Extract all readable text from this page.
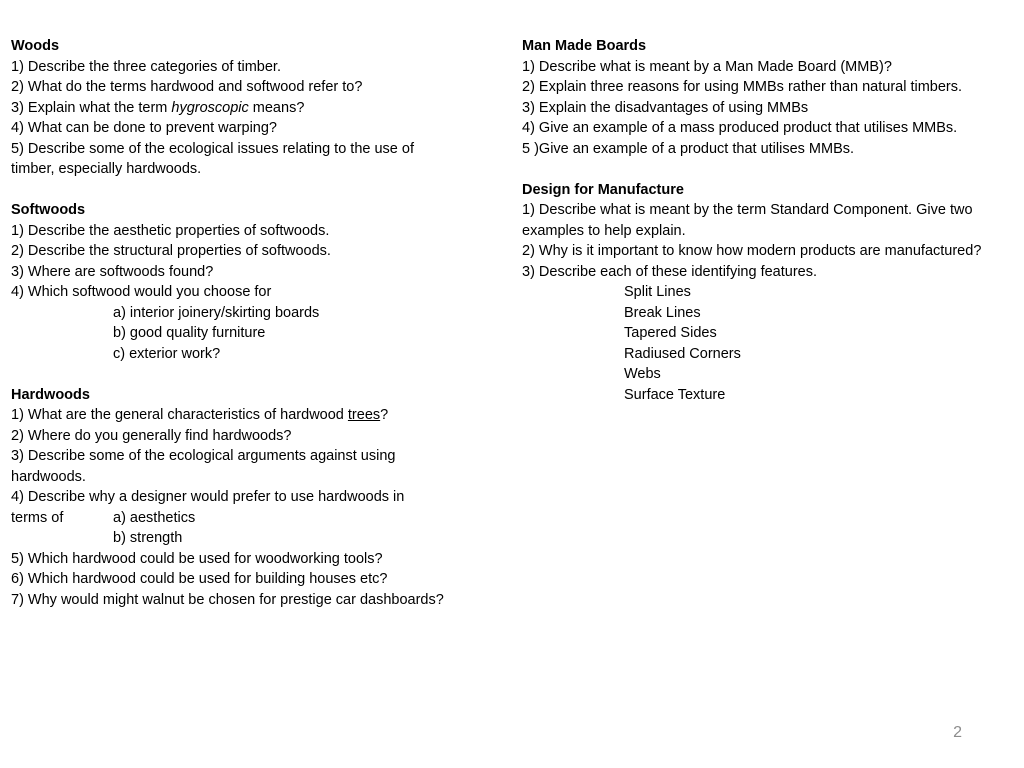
Woods
1) Describe the three categories of timber.
2) What do the terms hardwood and softwood refer to?
3) Explain what the term hygroscopic means?
4) What can be done to prevent warping?
5) Describe some of the ecological issues relating to the use of timber, especially hardwoods.
Softwoods
1) Describe the aesthetic properties of softwoods.
2) Describe the structural properties of softwoods.
3) Where are softwoods found?
4) Which softwood would you choose for
a) interior joinery/skirting boards
b) good quality furniture
c) exterior work?
Hardwoods
1) What are the general characteristics of hardwood trees?
2) Where do you generally find hardwoods?
3) Describe some of the ecological arguments against using hardwoods.
4) Describe why a designer would prefer to use hardwoods in
terms of	a) aesthetics
b) strength
5) Which hardwood could be used for woodworking tools?
6) Which hardwood could be used for building houses etc?
7) Why would might walnut be chosen for prestige car dashboards?
Man Made Boards
1) Describe what is meant by a Man Made Board (MMB)?
2) Explain three reasons for using MMBs rather than natural timbers.
3) Explain the disadvantages of using MMBs
4) Give an example of a mass produced product that utilises MMBs.
5 )Give an example of a product that utilises MMBs.
Design for Manufacture
1) Describe what is meant by the term Standard Component. Give two examples to help explain.
2) Why is it important to know how modern products are manufactured?
3) Describe each of these identifying features.
Split Lines
Break Lines
Tapered Sides
Radiused Corners
Webs
Surface Texture
2
